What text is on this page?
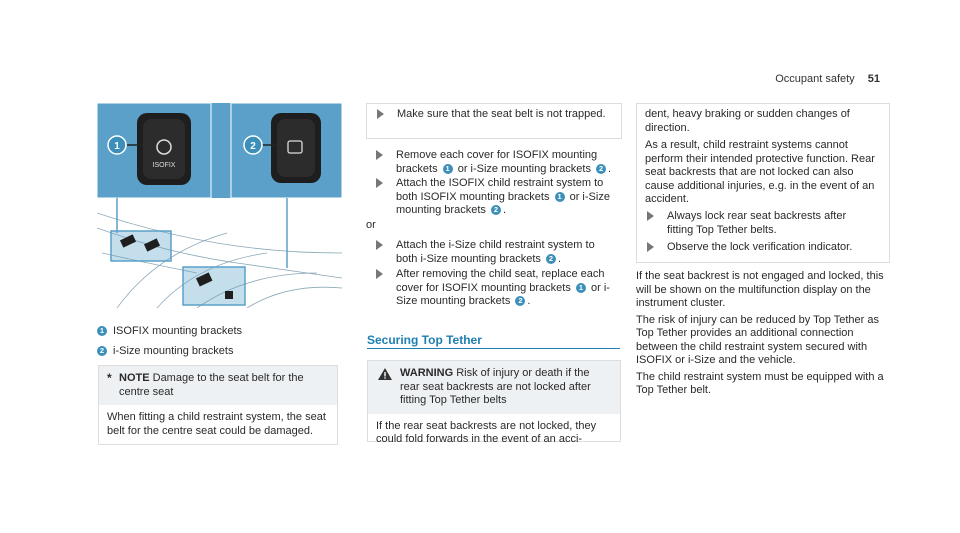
Occupant safety 51
ISOFIX
1	2
1 ISOFIX mounting brackets
2 i-Size mounting brackets
* NOTE Damage to the seat belt for the centre seat
When fitting a child restraint system, the seat belt for the centre seat could be damaged.
Make sure that the seat belt is not trapped.
Remove each cover for ISOFIX mounting brackets 1 or i-Size mounting brackets 2 .
Attach the ISOFIX child restraint system to both ISOFIX mounting brackets 1 or i-Size mounting brackets 2 .
or
Attach the i-Size child restraint system to both i-Size mounting brackets 2 .
After removing the child seat, replace each cover for ISOFIX mounting brackets 1 or i-Size mounting brackets 2 .
Securing Top Tether
WARNING Risk of injury or death if the rear seat backrests are not locked after fitting Top Tether belts
If the rear seat backrests are not locked, they could fold forwards in the event of an acci-
dent, heavy braking or sudden changes of direction.
As a result, child restraint systems cannot perform their intended protective function. Rear seat backrests that are not locked can also cause additional injuries, e.g. in the event of an accident.
Always lock rear seat backrests after fitting Top Tether belts.
Observe the lock verification indicator.

If the seat backrest is not engaged and locked, this will be shown on the multifunction display on the instrument cluster.

The risk of injury can be reduced by Top Tether as Top Tether provides an additional connection between the child restraint system secured with ISOFIX or i-Size and the vehicle.

The child restraint system must be equipped with a Top Tether belt.
